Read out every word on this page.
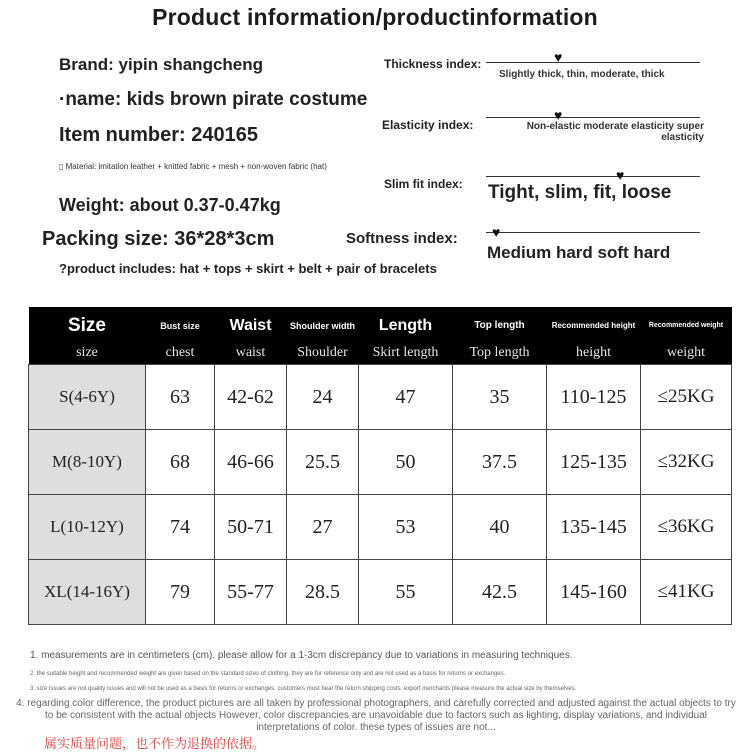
Product information/productinformation
Brand: yipin shangcheng
·name: kids brown pirate costume
Item number: 240165
▯ Material: imitation leather + knitted fabric + mesh + non-woven fabric (hat)
Weight: about 0.37-0.47kg
Packing size: 36*28*3cm
?product includes: hat + tops + skirt + belt + pair of bracelets
Thickness index:	♥
Slightly thick, thin, moderate, thick
Elasticity index:
♥
Non-elastic moderate elasticity super elasticity
Slim fit index:
♥
Tight, slim, fit, loose
Softness index: ♥
Medium hard soft hard
Size	Bust size	Waist	Shoulder width	Length	Top length	Recommended height	Recommended weight
size	chest	waist	Shoulder	Skirt length	Top length	height	weight
S(4-6Y)	63	42-62	24	47	35	110-125	≤25KG
M(8-10Y)	68	46-66	25.5	50	37.5	125-135	≤32KG
L(10-12Y)	74	50-71	27	53	40	135-145	≤36KG
XL(14-16Y)	79	55-77	28.5	55	42.5	145-160	≤41KG
1. measurements are in centimeters (cm). please allow for a 1-3cm discrepancy due to variations in measuring techniques.
2. the suitable height and recommended weight are given based on the standard sizes of clothing. they are for reference only and are not used as a basis for returns or exchanges.
3. size issues are not quality issues and will not be used as a basis for returns or exchanges. customers must bear the return shipping costs. export merchants please measure the actual size by themselves.
4. regarding color difference, the product pictures are all taken by professional photographers, and carefully corrected and adjusted against the actual objects to try to be consistent with the actual objects However, color discrepancies are unavoidable due to factors such as lighting, display variations, and individual interpretations of color. these types of issues are not...
属实质量问题，也不作为退换的依据。
